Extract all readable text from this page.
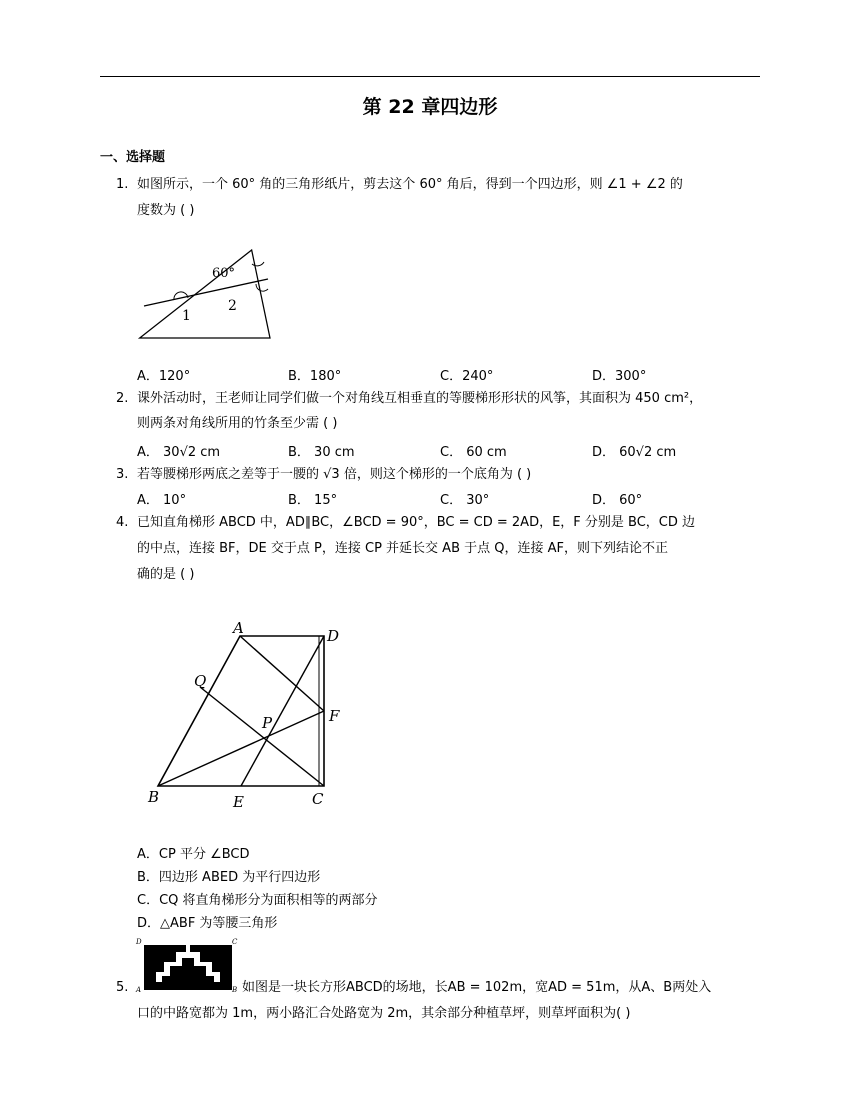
第 22 章四边形
一、选择题
1. 如图所示，一个 60° 角的三角形纸片，剪去这个 60° 角后，得到一个四边形，则 ∠1 + ∠2 的
度数为 ( )
60°
1
2
A．120°	B．180°	C．240°	D．300°
2. 课外活动时，王老师让同学们做一个对角线互相垂直的等腰梯形形状的风筝，其面积为 450 cm²，
则两条对角线所用的竹条至少需 ( )
A． 30√2 cm	B． 30 cm	C． 60 cm	D． 60√2 cm
3. 若等腰梯形两底之差等于一腰的 √3 倍，则这个梯形的一个底角为 ( )
A． 10°	B． 15°	C． 30°	D． 60°
4. 已知直角梯形 ABCD 中，AD∥BC，∠BCD = 90°，BC = CD = 2AD，E，F 分别是 BC，CD 边
的中点，连接 BF，DE 交于点 P，连接 CP 并延长交 AB 于点 Q，连接 AF，则下列结论不正
确的是 ( )
A	D
F
C
B	E
P
Q
A．CP 平分 ∠BCD
B．四边形 ABED 为平行四边形
C．CQ 将直角梯形分为面积相等的两部分
D．△ABF 为等腰三角形
D	C
A	B
5.	如图是一块长方形ABCD的场地，长AB = 102m，宽AD = 51m，从A、B两处入
口的中路宽都为 1m，两小路汇合处路宽为 2m，其余部分种植草坪，则草坪面积为( )
